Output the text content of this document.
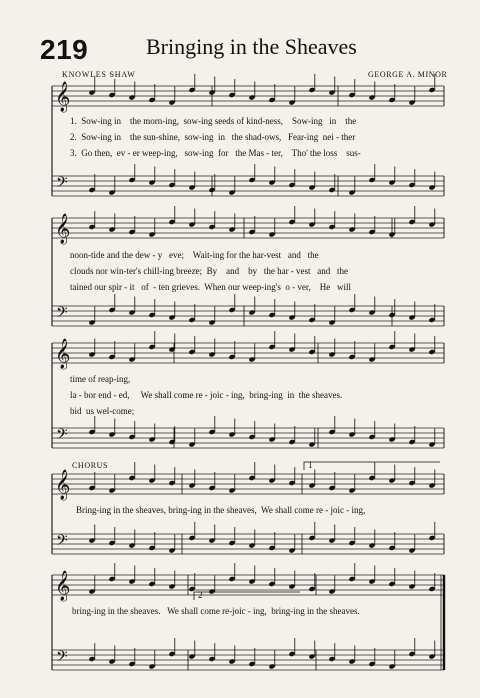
219	Bringing in the Sheaves
KNOWLES SHAW	GEORGE A. MINOR
𝄞
𝄢
𝄞
𝄢
𝄞
𝄢
𝄞
𝄢
𝄞
𝄢
1.  Sow-ing in    the morn-ing,  sow-ing seeds of kind-ness,    Sow-ing   in    the
2.  Sow-ing in    the sun-shine,  sow-ing  in   the shad-ows,   Fear-ing  nei - ther
3.  Go then,  ev - er weep-ing,   sow-ing  for   the Mas - ter,    Tho' the loss    sus-
noon-tide and the dew - y   eve;    Wait-ing for the har-vest   and   the
clouds nor win-ter's chill-ing breeze;  By    and    by   the har - vest   and   the
tained our spir - it   of  - ten grieves.  When our weep-ing's  o - ver,    He   will
time of reap-ing,
la - bor end - ed,     We shall come re - joic - ing,  bring-ing  in  the sheaves.
bid  us wel-come;
CHORUS	1
Bring-ing in the sheaves, bring-ing in the sheaves,  We shall come re - joic - ing,
2
bring-ing in the sheaves.   We shall come re-joic - ing,  bring-ing in the sheaves.
